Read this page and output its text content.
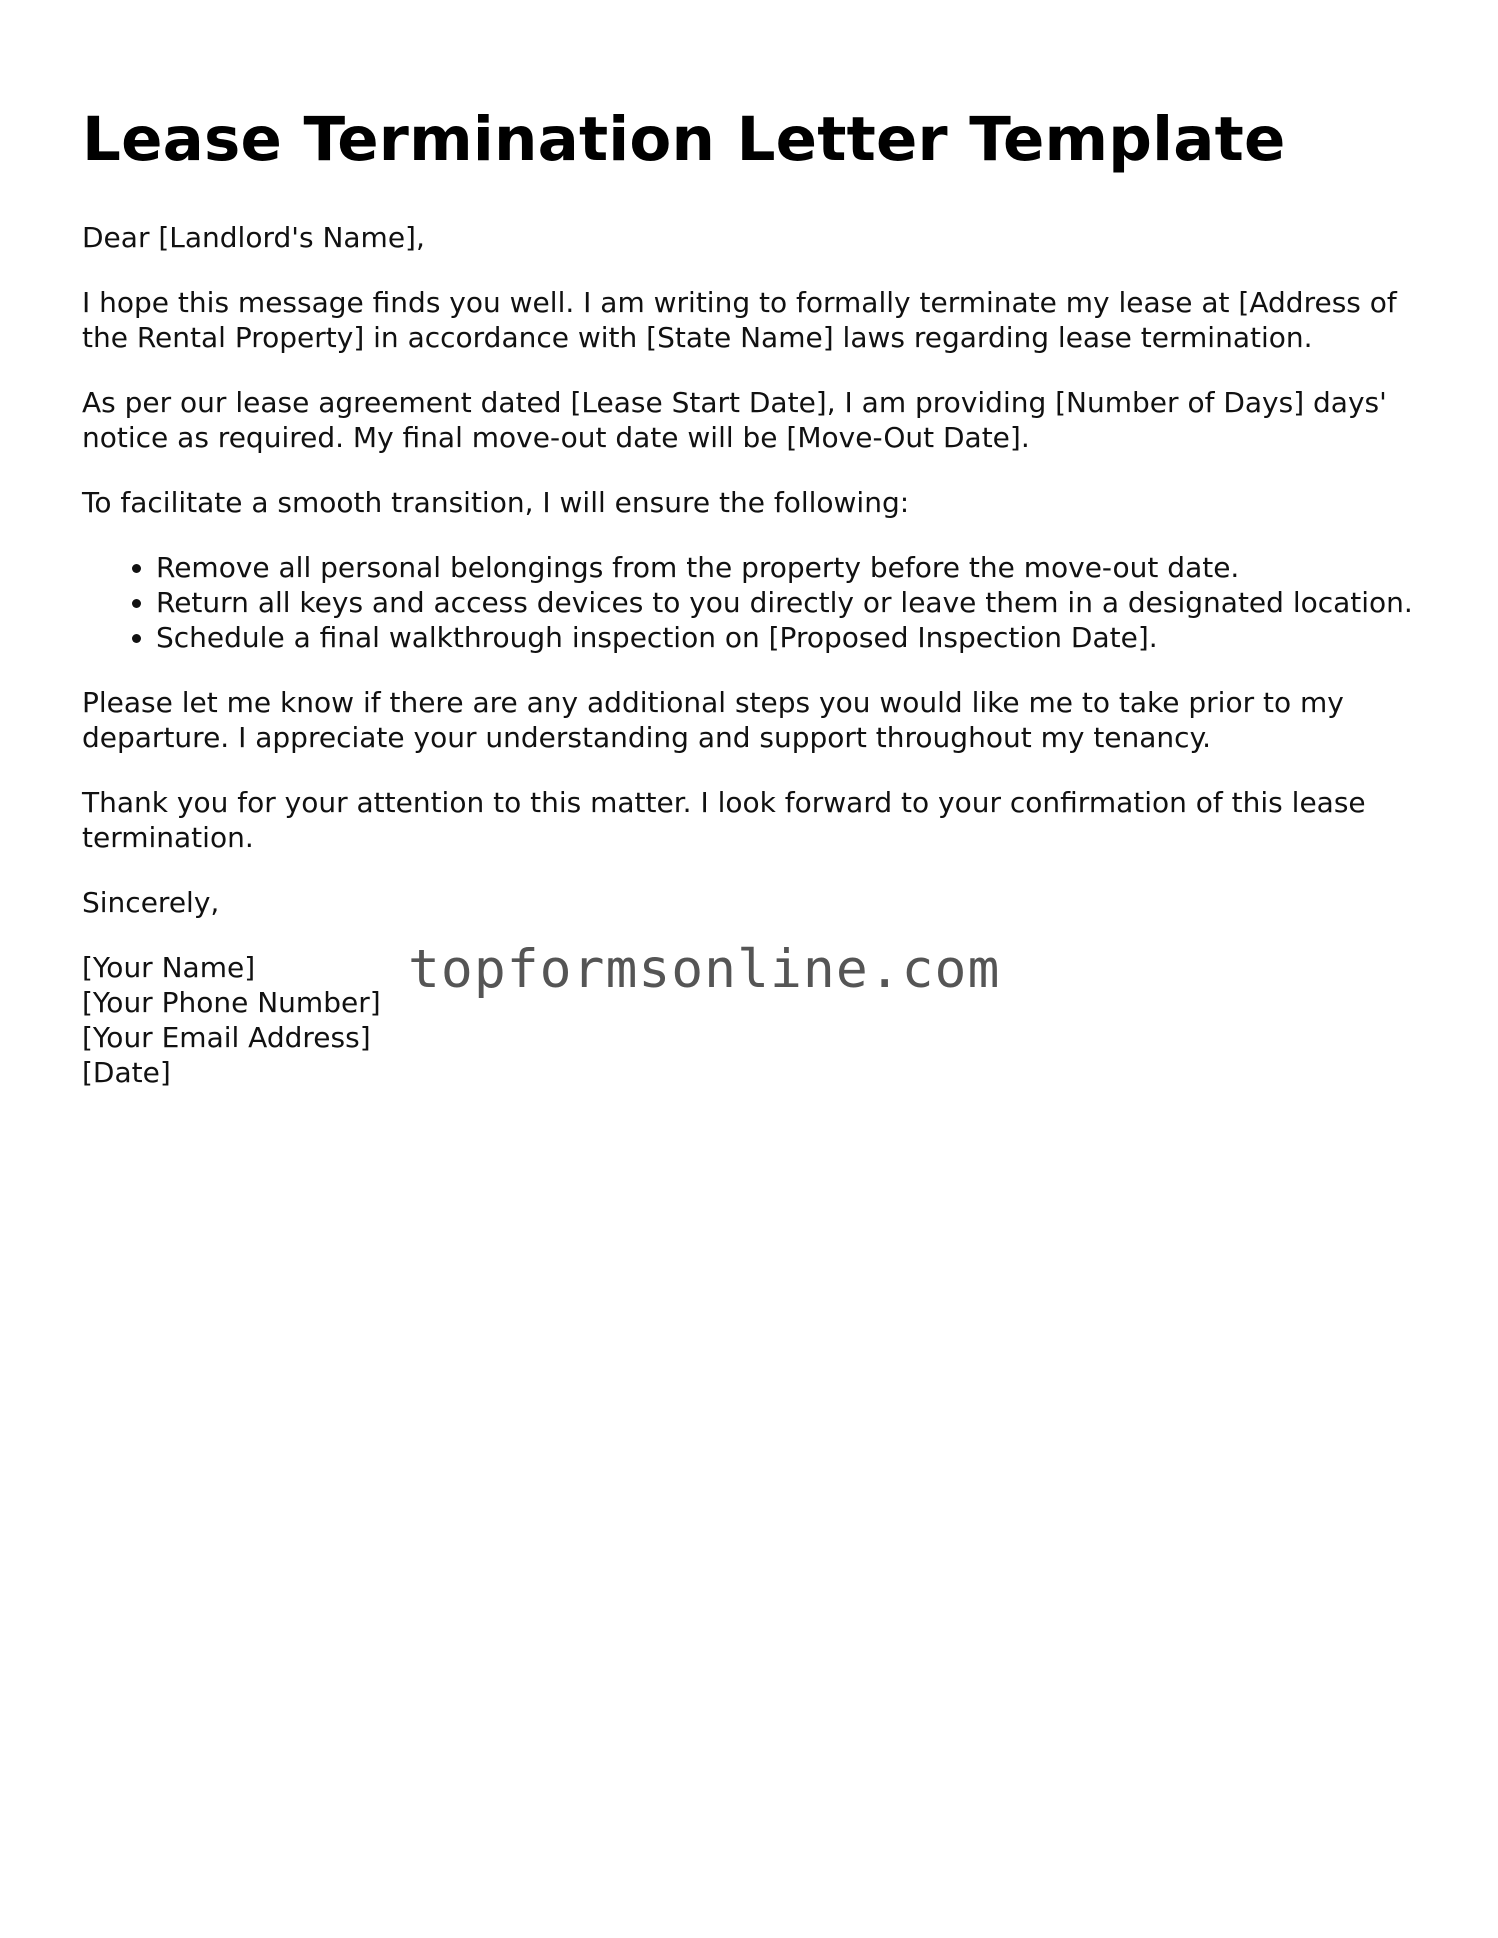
Lease Termination Letter Template

Dear [Landlord's Name],

I hope this message finds you well. I am writing to formally terminate my lease at [Address of the Rental Property] in accordance with [State Name] laws regarding lease termination.

As per our lease agreement dated [Lease Start Date], I am providing [Number of Days] days' notice as required. My final move-out date will be [Move-Out Date].

To facilitate a smooth transition, I will ensure the following:

• Remove all personal belongings from the property before the move-out date.
• Return all keys and access devices to you directly or leave them in a designated location.
• Schedule a final walkthrough inspection on [Proposed Inspection Date].

Please let me know if there are any additional steps you would like me to take prior to my departure. I appreciate your understanding and support throughout my tenancy.

Thank you for your attention to this matter. I look forward to your confirmation of this lease termination.

Sincerely,

[Your Name]
[Your Phone Number]
[Your Email Address]
[Date]
topformsonline.com
